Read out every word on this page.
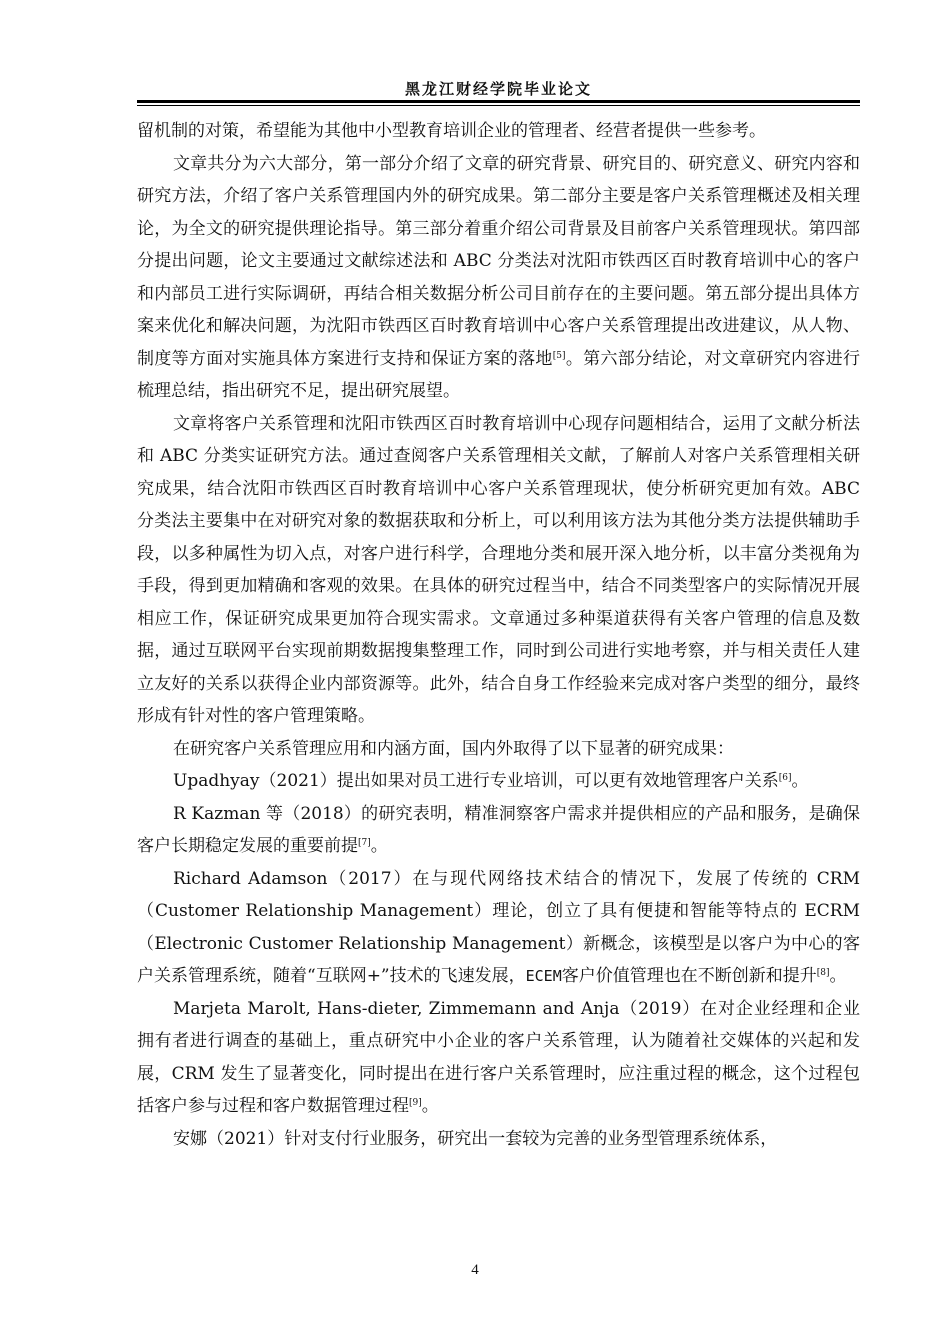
黑龙江财经学院毕业论文

留机制的对策，希望能为其他中小型教育培训企业的管理者、经营者提供一些参考。

文章共分为六大部分，第一部分介绍了文章的研究背景、研究目的、研究意义、研究内容和研究方法，介绍了客户关系管理国内外的研究成果。第二部分主要是客户关系管理概述及相关理论，为全文的研究提供理论指导。第三部分着重介绍公司背景及目前客户关系管理现状。第四部分提出问题，论文主要通过文献综述法和 ABC 分类法对沈阳市铁西区百时教育培训中心的客户和内部员工进行实际调研，再结合相关数据分析公司目前存在的主要问题。第五部分提出具体方案来优化和解决问题，为沈阳市铁西区百时教育培训中心客户关系管理提出改进建议，从人物、制度等方面对实施具体方案进行支持和保证方案的落地[5]。第六部分结论，对文章研究内容进行梳理总结，指出研究不足，提出研究展望。

文章将客户关系管理和沈阳市铁西区百时教育培训中心现存问题相结合，运用了文献分析法和 ABC 分类实证研究方法。通过查阅客户关系管理相关文献，了解前人对客户关系管理相关研究成果，结合沈阳市铁西区百时教育培训中心客户关系管理现状，使分析研究更加有效。ABC 分类法主要集中在对研究对象的数据获取和分析上，可以利用该方法为其他分类方法提供辅助手段，以多种属性为切入点，对客户进行科学，合理地分类和展开深入地分析，以丰富分类视角为手段，得到更加精确和客观的效果。在具体的研究过程当中，结合不同类型客户的实际情况开展相应工作，保证研究成果更加符合现实需求。文章通过多种渠道获得有关客户管理的信息及数据，通过互联网平台实现前期数据搜集整理工作，同时到公司进行实地考察，并与相关责任人建立友好的关系以获得企业内部资源等。此外，结合自身工作经验来完成对客户类型的细分，最终形成有针对性的客户管理策略。

在研究客户关系管理应用和内涵方面，国内外取得了以下显著的研究成果：

Upadhyay（2021）提出如果对员工进行专业培训，可以更有效地管理客户关系[6]。

R Kazman 等（2018）的研究表明，精准洞察客户需求并提供相应的产品和服务，是确保客户长期稳定发展的重要前提[7]。

Richard Adamson（2017）在与现代网络技术结合的情况下，发展了传统的 CRM（Customer Relationship Management）理论，创立了具有便捷和智能等特点的 ECRM（Electronic Customer Relationship Management）新概念，该模型是以客户为中心的客户关系管理系统，随着“互联网+”技术的飞速发展，ECEM客户价值管理也在不断创新和提升[8]。

Marjeta Marolt, Hans-dieter, Zimmemann and Anja（2019）在对企业经理和企业拥有者进行调查的基础上，重点研究中小企业的客户关系管理，认为随着社交媒体的兴起和发展，CRM 发生了显著变化，同时提出在进行客户关系管理时，应注重过程的概念，这个过程包括客户参与过程和客户数据管理过程[9]。

安娜（2021）针对支付行业服务，研究出一套较为完善的业务型管理系统体系，

4
